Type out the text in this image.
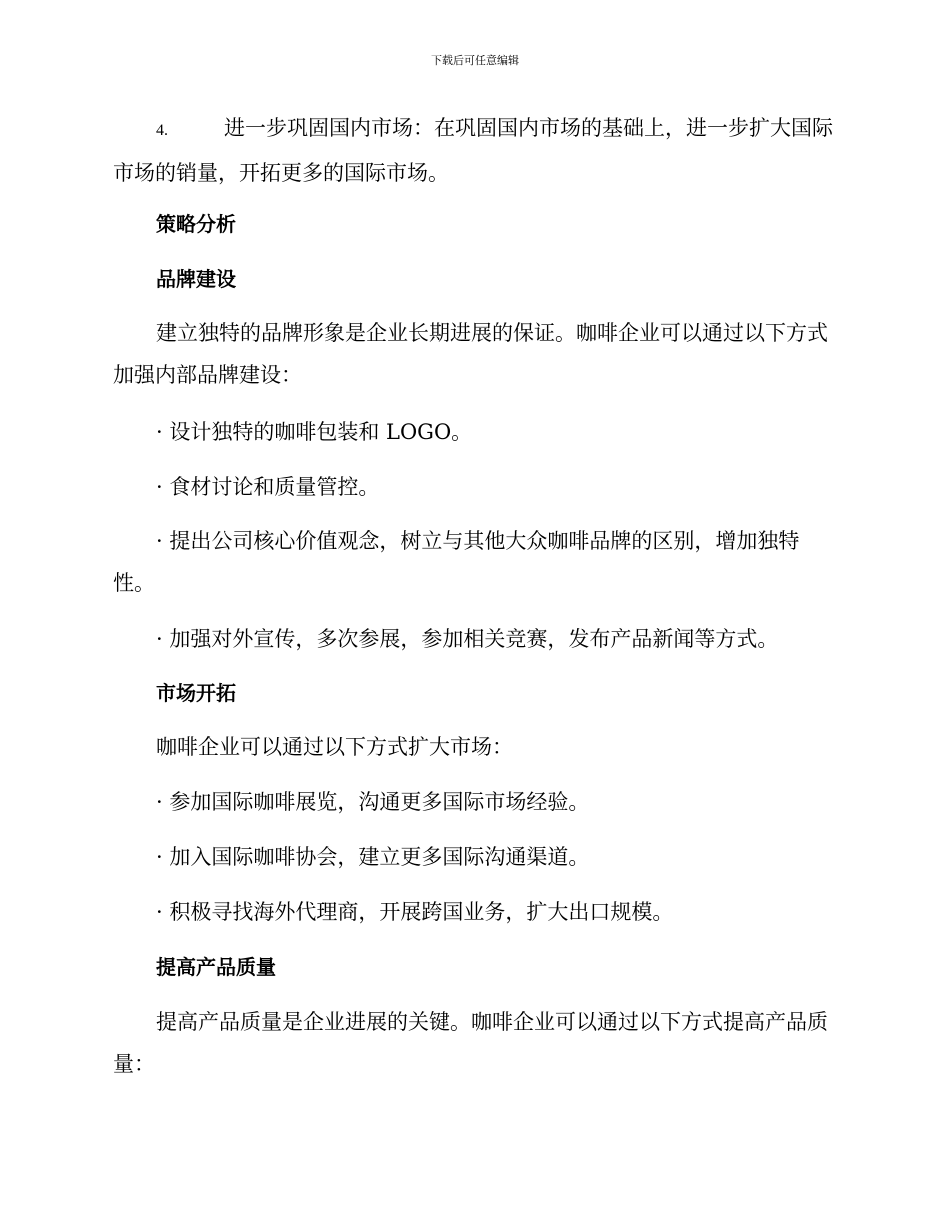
下载后可任意编辑
4.	进一步巩固国内市场：在巩固国内市场的基础上，进一步扩大国际市场的销量，开拓更多的国际市场。
策略分析
品牌建设

建立独特的品牌形象是企业长期进展的保证。咖啡企业可以通过以下方式加强内部品牌建设：

· 设计独特的咖啡包装和 LOGO。

· 食材讨论和质量管控。

· 提出公司核心价值观念，树立与其他大众咖啡品牌的区别，增加独特性。

· 加强对外宣传，多次参展，参加相关竞赛，发布产品新闻等方式。

市场开拓

咖啡企业可以通过以下方式扩大市场：

· 参加国际咖啡展览，沟通更多国际市场经验。

· 加入国际咖啡协会，建立更多国际沟通渠道。

· 积极寻找海外代理商，开展跨国业务，扩大出口规模。

提高产品质量

提高产品质量是企业进展的关键。咖啡企业可以通过以下方式提高产品质量：
